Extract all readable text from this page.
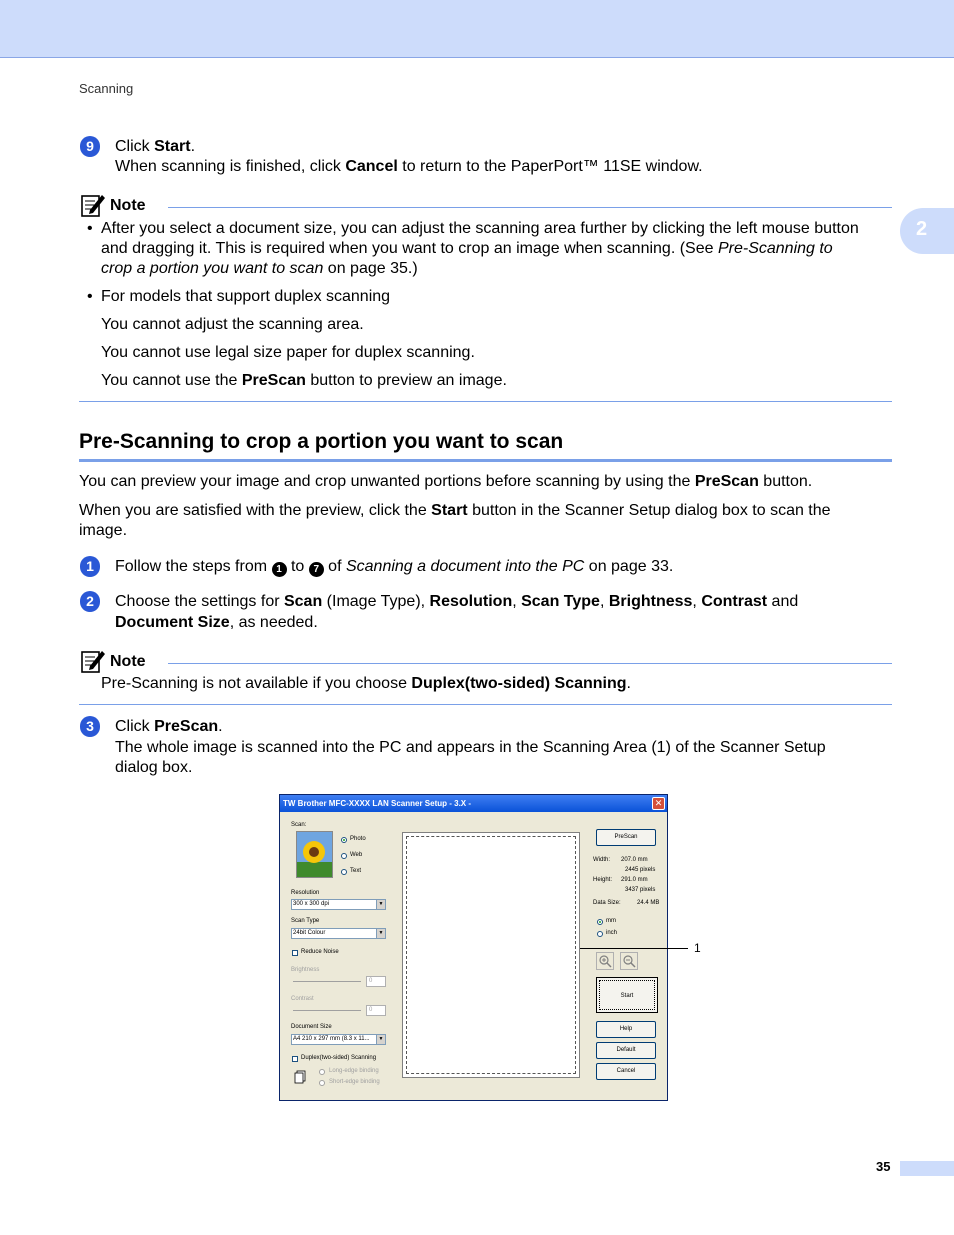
Scanning
2
9	Click Start.
When scanning is finished, click Cancel to return to the PaperPort™ 11SE window.
Note
• After you select a document size, you can adjust the scanning area further by clicking the left mouse button
and dragging it. This is required when you want to crop an image when scanning. (See Pre-Scanning to
crop a portion you want to scan on page 35.)
• For models that support duplex scanning
You cannot adjust the scanning area.
You cannot use legal size paper for duplex scanning.
You cannot use the PreScan button to preview an image.
Pre-Scanning to crop a portion you want to scan
You can preview your image and crop unwanted portions before scanning by using the PreScan button.
When you are satisfied with the preview, click the Start button in the Scanner Setup dialog box to scan the
image.
1	Follow the steps from 1 to 7 of Scanning a document into the PC on page 33.
2	Choose the settings for Scan (Image Type), Resolution, Scan Type, Brightness, Contrast and
Document Size, as needed.
Note
Pre-Scanning is not available if you choose Duplex(two-sided) Scanning.
3	Click PreScan.
The whole image is scanned into the PC and appears in the Scanning Area (1) of the Scanner Setup
dialog box.
TW Brother MFC-XXXX LAN Scanner Setup - 3.X -	✕
Scan:
Photo
Web
Text
Resolution
300 x 300 dpi	▼
Scan Type
24bit Colour	▼
Reduce Noise
Brightness
0
Contrast
0
Document Size
A4 210 x 297 mm (8.3 x 11...	▼
Duplex(two-sided) Scanning
Long-edge binding
Short-edge binding
PreScan
Width: 207.0 mm
2445 pixels
Height: 291.0 mm
3437 pixels
Data Size:	24.4 MB
mm
inch
Start
Help
Default
Cancel
1
35
